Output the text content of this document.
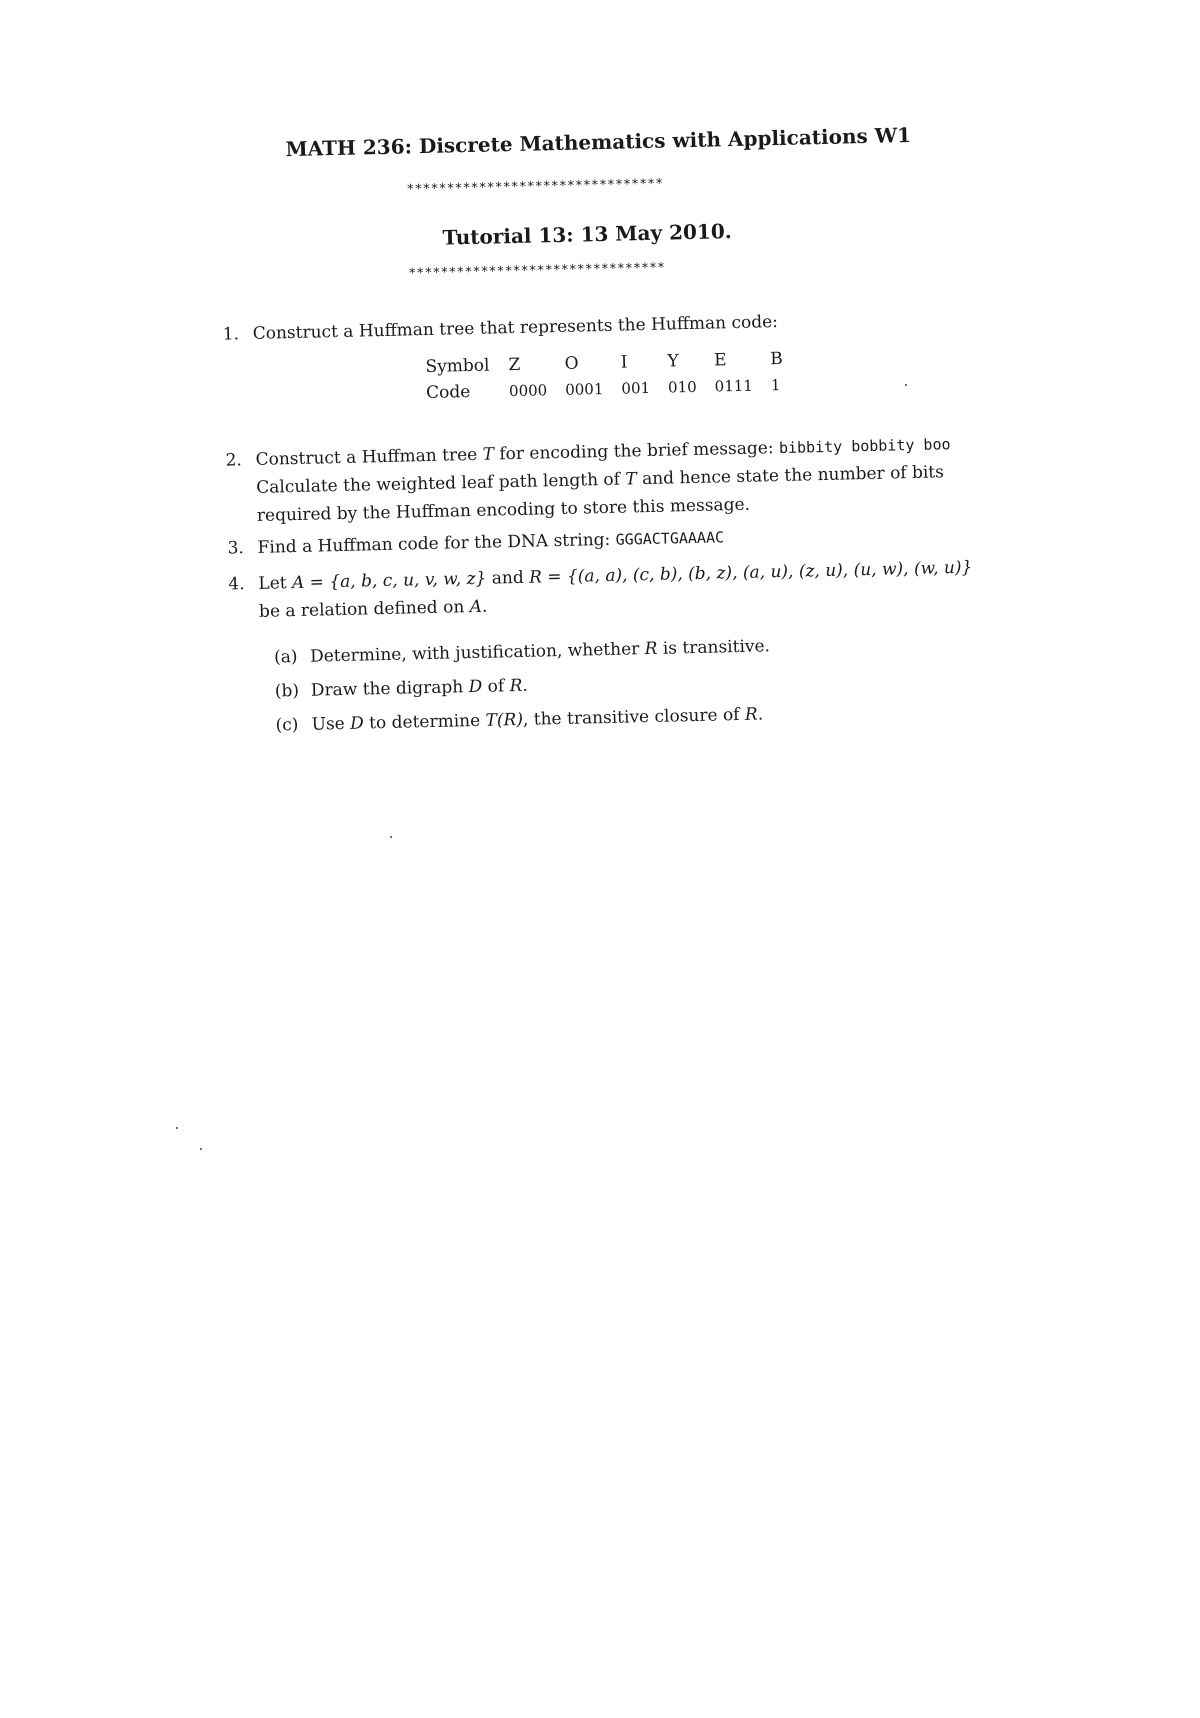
MATH 236: Discrete Mathematics with Applications W1
********************************
Tutorial 13: 13 May 2010.
********************************
1. Construct a Huffman tree that represents the Huffman code:
Symbol	Z	O	I	Y	E	B
Code	0000	0001	001	010	0111	1
2. Construct a Huffman tree T for encoding the brief message: bibbity bobbity boo
Calculate the weighted leaf path length of T and hence state the number of bits required by the Huffman encoding to store this message.
3. Find a Huffman code for the DNA string: GGGACTGAAAAC
4. Let A = {a, b, c, u, v, w, z} and R = {(a, a), (c, b), (b, z), (a, u), (z, u), (u, w), (w, u)} be a relation defined on A.
(a) Determine, with justification, whether R is transitive.
(b) Draw the digraph D of R.
(c) Use D to determine T(R), the transitive closure of R.
